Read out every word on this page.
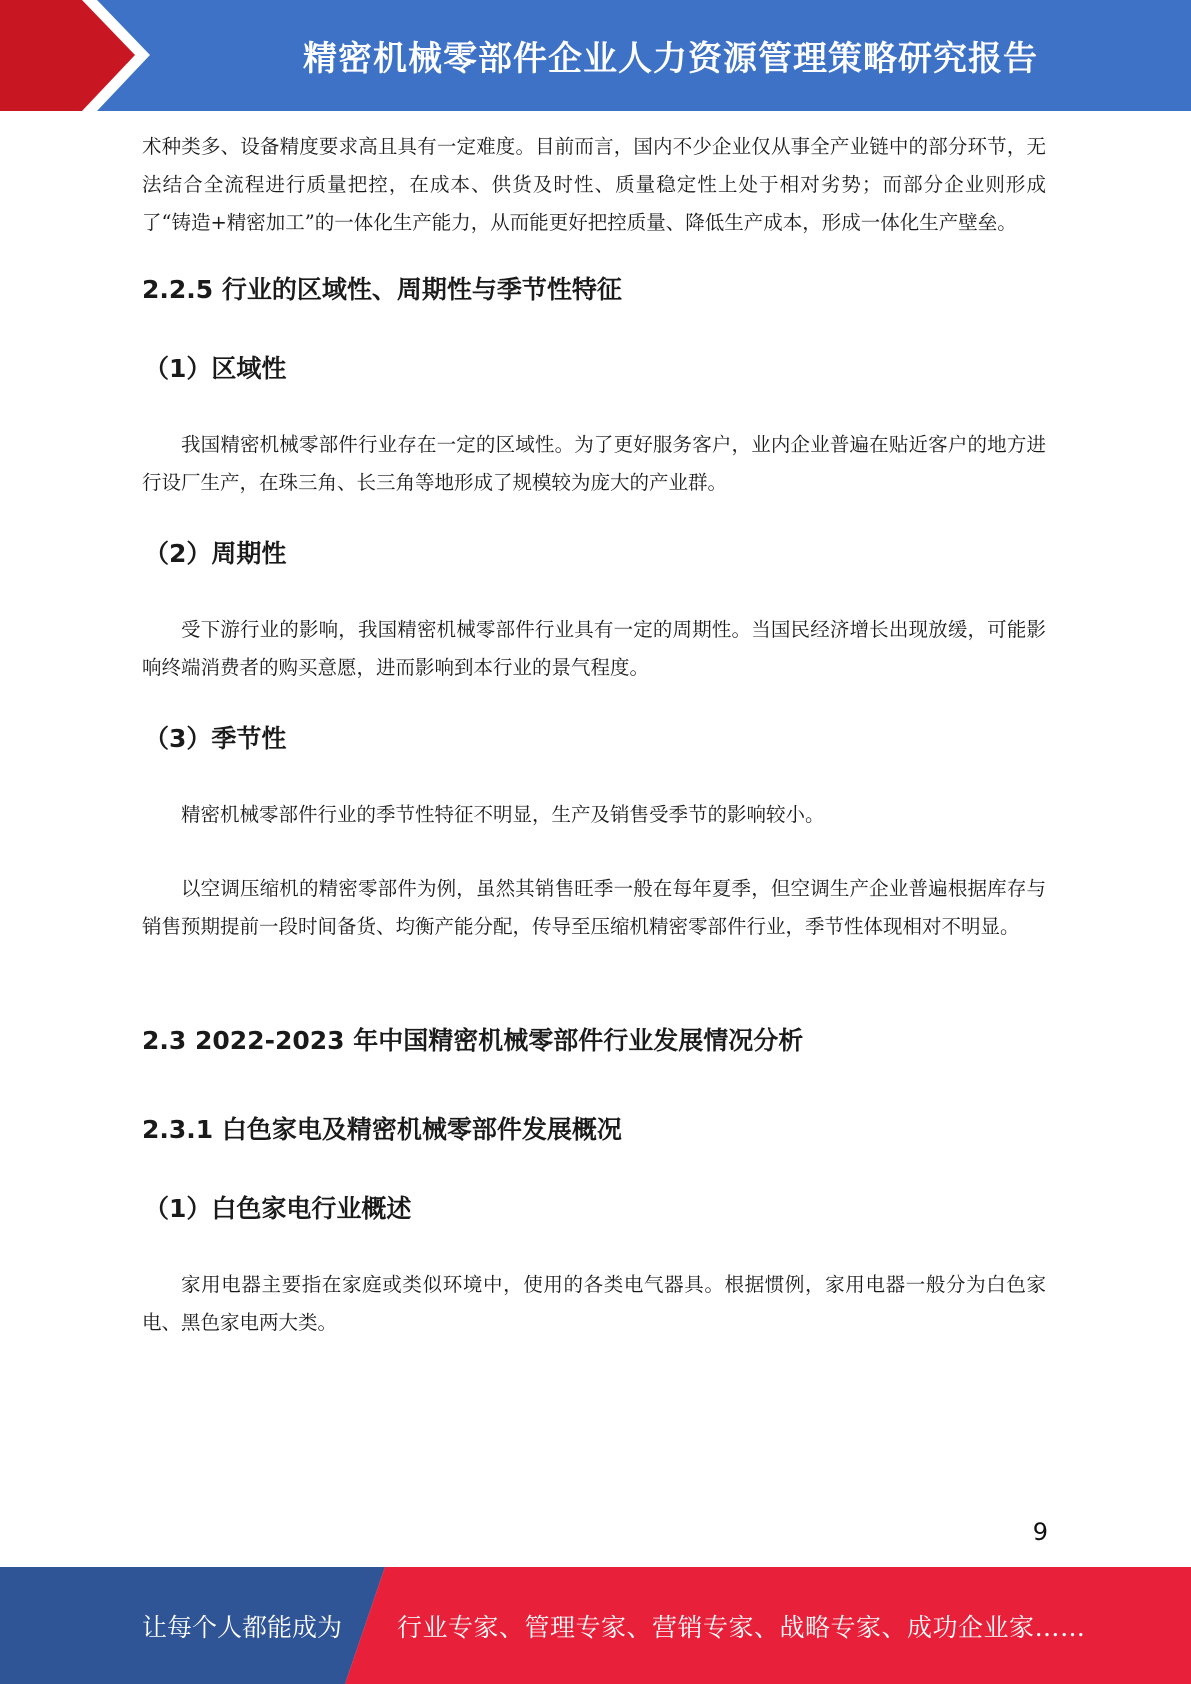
精密机械零部件企业人力资源管理策略研究报告

术种类多、设备精度要求高且具有一定难度。目前而言，国内不少企业仅从事全产业链中的部分环节，无法结合全流程进行质量把控，在成本、供货及时性、质量稳定性上处于相对劣势；而部分企业则形成了“铸造+精密加工”的一体化生产能力，从而能更好把控质量、降低生产成本，形成一体化生产壁垒。

2.2.5 行业的区域性、周期性与季节性特征
（1）区域性

我国精密机械零部件行业存在一定的区域性。为了更好服务客户，业内企业普遍在贴近客户的地方进行设厂生产，在珠三角、长三角等地形成了规模较为庞大的产业群。

（2）周期性

受下游行业的影响，我国精密机械零部件行业具有一定的周期性。当国民经济增长出现放缓，可能影响终端消费者的购买意愿，进而影响到本行业的景气程度。

（3）季节性

精密机械零部件行业的季节性特征不明显，生产及销售受季节的影响较小。

以空调压缩机的精密零部件为例，虽然其销售旺季一般在每年夏季，但空调生产企业普遍根据库存与销售预期提前一段时间备货、均衡产能分配，传导至压缩机精密零部件行业，季节性体现相对不明显。

2.3 2022-2023 年中国精密机械零部件行业发展情况分析
2.3.1 白色家电及精密机械零部件发展概况
（1）白色家电行业概述

家用电器主要指在家庭或类似环境中，使用的各类电气器具。根据惯例，家用电器一般分为白色家电、黑色家电两大类。

9
让每个人都能成为 行业专家、管理专家、营销专家、战略专家、成功企业家……
